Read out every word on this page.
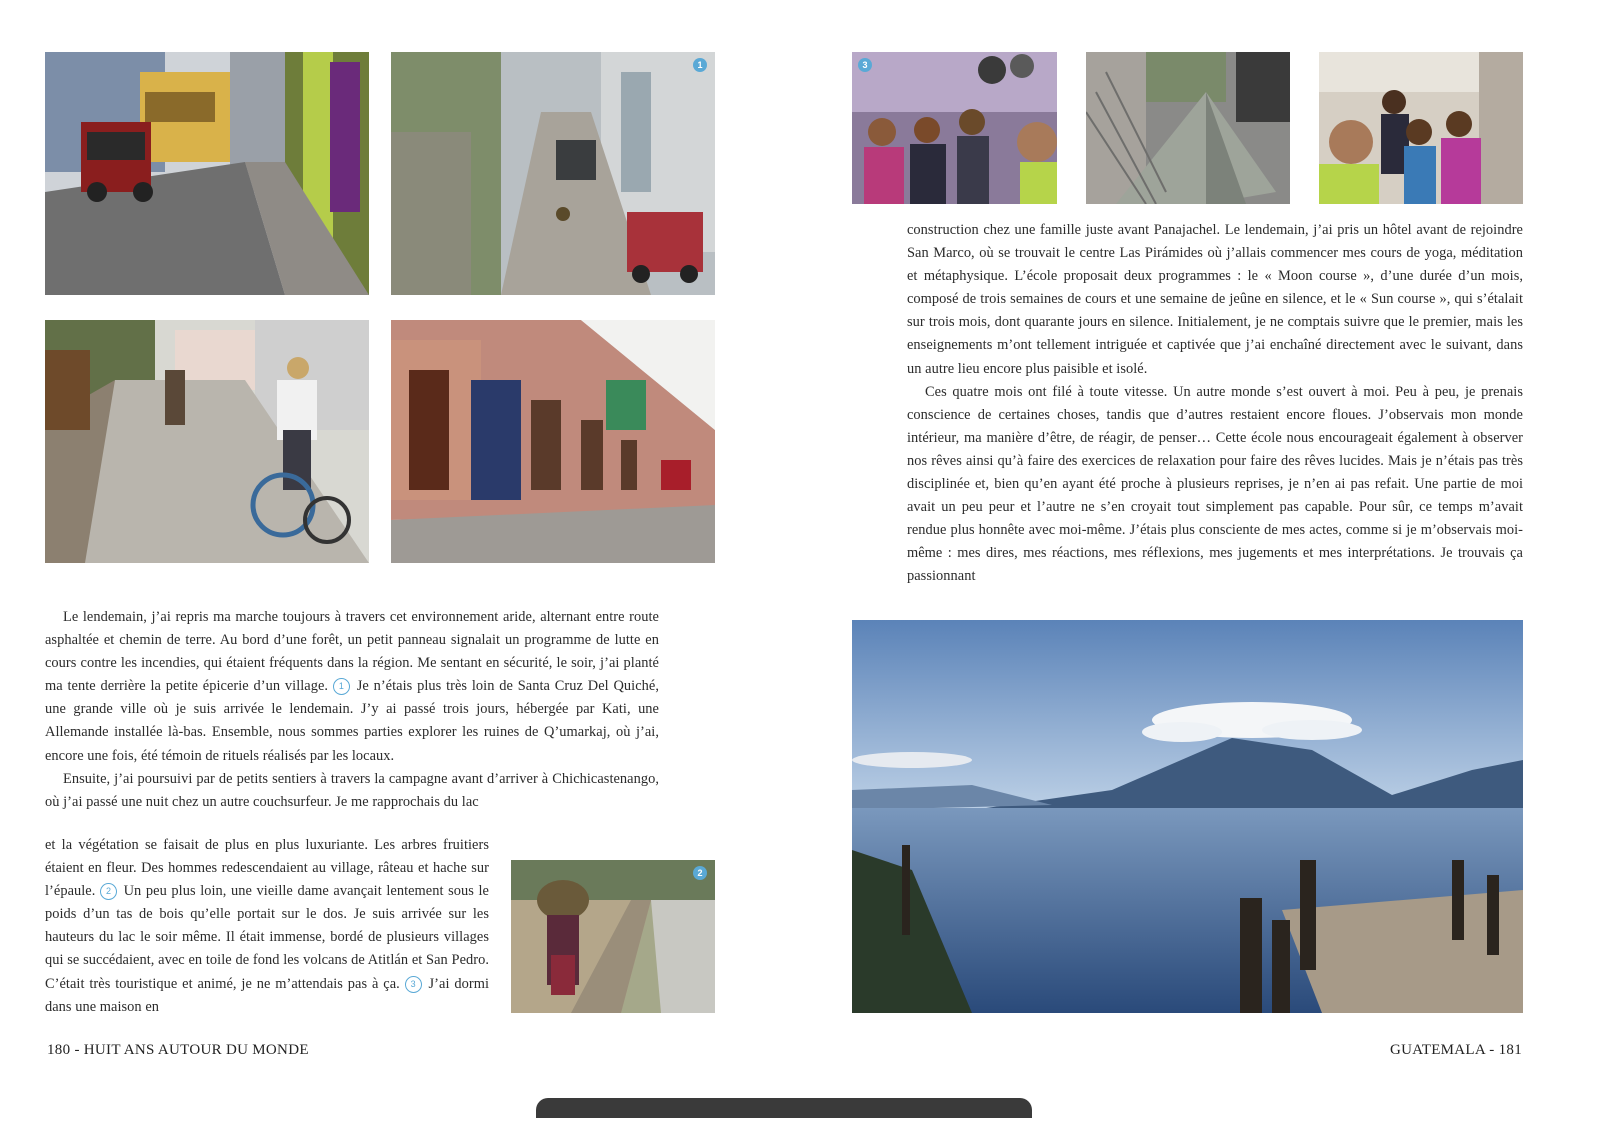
1
2

Le lendemain, j’ai repris ma marche toujours à travers cet environnement aride, alternant entre route asphaltée et chemin de terre. Au bord d’une forêt, un petit panneau signalait un programme de lutte en cours contre les incendies, qui étaient fréquents dans la région. Me sentant en sécurité, le soir, j’ai planté ma tente derrière la petite épicerie d’un village. 1 Je n’étais plus très loin de Santa Cruz Del Quiché, une grande ville où je suis arrivée le lendemain. J’y ai passé trois jours, hébergée par Kati, une Allemande installée là-bas. Ensemble, nous sommes parties explorer les ruines de Q’umarkaj, où j’ai, encore une fois, été témoin de rituels réalisés par les locaux.

Ensuite, j’ai poursuivi par de petits sentiers à travers la campagne avant d’arriver à Chichicastenango, où j’ai passé une nuit chez un autre couchsurfeur. Je me rapprochais du lac

et la végétation se faisait de plus en plus luxuriante. Les arbres fruitiers étaient en fleur. Des hommes redescendaient au village, râteau et hache sur l’épaule. 2 Un peu plus loin, une vieille dame avançait lentement sous le poids d’un tas de bois qu’elle portait sur le dos. Je suis arrivée sur les hauteurs du lac le soir même. Il était immense, bordé de plusieurs villages qui se succédaient, avec en toile de fond les volcans de Atitlán et San Pedro. C’était très touristique et animé, je ne m’attendais pas à ça. 3 J’ai dormi dans une maison en

180 - HUIT ANS AUTOUR DU MONDE
3

construction chez une famille juste avant Panajachel. Le lendemain, j’ai pris un hôtel avant de rejoindre San Marco, où se trouvait le centre Las Pirámides où j’allais commencer mes cours de yoga, méditation et métaphysique. L’école proposait deux programmes : le « Moon course », d’une durée d’un mois, composé de trois semaines de cours et une semaine de jeûne en silence, et le « Sun course », qui s’étalait sur trois mois, dont quarante jours en silence. Initialement, je ne comptais suivre que le premier, mais les enseignements m’ont tellement intriguée et captivée que j’ai enchaîné directement avec le suivant, dans un autre lieu encore plus paisible et isolé.

Ces quatre mois ont filé à toute vitesse. Un autre monde s’est ouvert à moi. Peu à peu, je prenais conscience de certaines choses, tandis que d’autres restaient encore floues. J’observais mon monde intérieur, ma manière d’être, de réagir, de penser… Cette école nous encourageait également à observer nos rêves ainsi qu’à faire des exercices de relaxation pour faire des rêves lucides. Mais je n’étais pas très disciplinée et, bien qu’en ayant été proche à plusieurs reprises, je n’en ai pas refait. Une partie de moi avait un peu peur et l’autre ne s’en croyait tout simplement pas capable. Pour sûr, ce temps m’avait rendue plus honnête avec moi-même. J’étais plus consciente de mes actes, comme si je m’observais moi-même : mes dires, mes réactions, mes réflexions, mes jugements et mes interprétations. Je trouvais ça passionnant

GUATEMALA - 181
